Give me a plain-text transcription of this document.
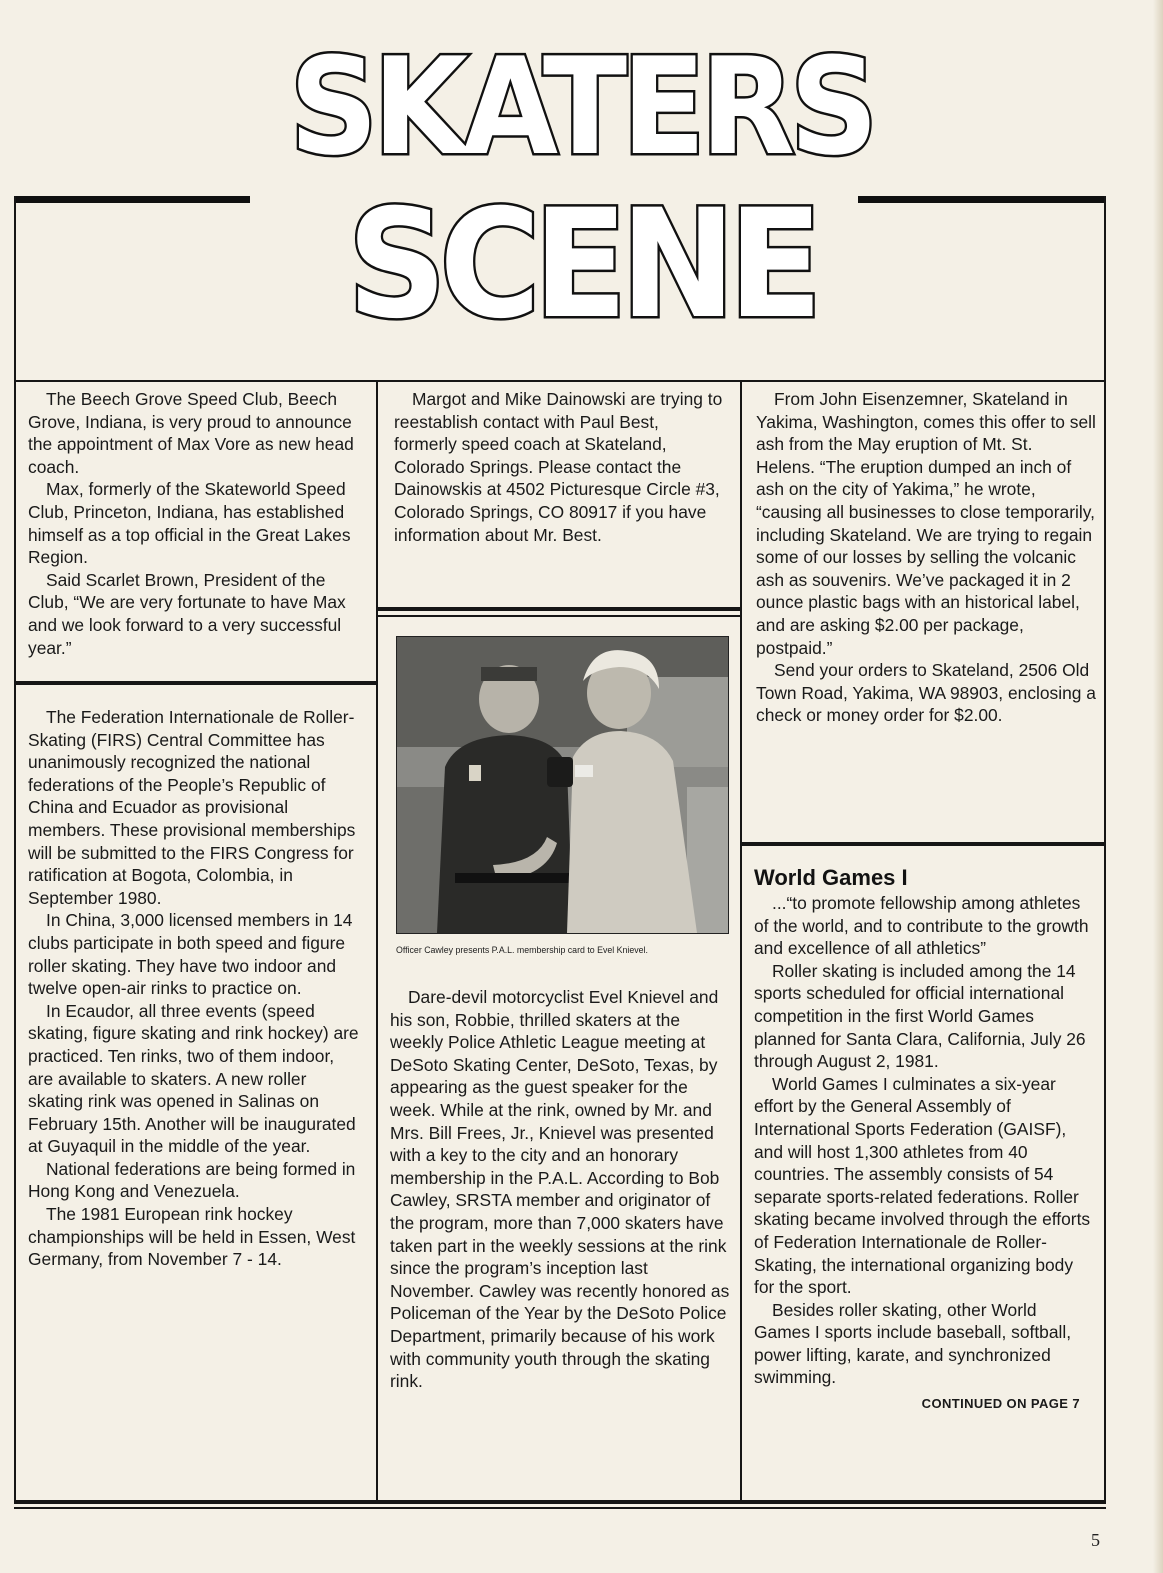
SKATERS
SCENE

The Beech Grove Speed Club, Beech Grove, Indiana, is very proud to announce the appointment of Max Vore as new head coach.

Max, formerly of the Skateworld Speed Club, Princeton, Indiana, has established himself as a top official in the Great Lakes Region.

Said Scarlet Brown, President of the Club, “We are very fortunate to have Max and we look forward to a very successful year.”

The Federation Internationale de Roller-Skating (FIRS) Central Committee has unanimously recognized the national federations of the People’s Republic of China and Ecuador as provisional members. These provisional memberships will be submitted to the FIRS Congress for ratification at Bogota, Colombia, in September 1980.

In China, 3,000 licensed members in 14 clubs participate in both speed and figure roller skating. They have two indoor and twelve open-air rinks to practice on.

In Ecaudor, all three events (speed skating, figure skating and rink hockey) are practiced. Ten rinks, two of them indoor, are available to skaters. A new roller skating rink was opened in Salinas on February 15th. Another will be inaugurated at Guyaquil in the middle of the year.

National federations are being formed in Hong Kong and Venezuela.

The 1981 European rink hockey championships will be held in Essen, West Germany, from November 7 - 14.

Margot and Mike Dainowski are trying to reestablish contact with Paul Best, formerly speed coach at Skateland, Colorado Springs. Please contact the Dainowskis at 4502 Picturesque Circle #3, Colorado Springs, CO 80917 if you have information about Mr. Best.

Officer Cawley presents P.A.L. membership card to Evel Knievel.

Dare-devil motorcyclist Evel Knievel and his son, Robbie, thrilled skaters at the weekly Police Athletic League meeting at DeSoto Skating Center, DeSoto, Texas, by appearing as the guest speaker for the week. While at the rink, owned by Mr. and Mrs. Bill Frees, Jr., Knievel was presented with a key to the city and an honorary membership in the P.A.L. According to Bob Cawley, SRSTA member and originator of the program, more than 7,000 skaters have taken part in the weekly sessions at the rink since the program’s inception last November. Cawley was recently honored as Policeman of the Year by the DeSoto Police Department, primarily because of his work with community youth through the skating rink.

From John Eisenzemner, Skateland in Yakima, Washington, comes this offer to sell ash from the May eruption of Mt. St. Helens. “The eruption dumped an inch of ash on the city of Yakima,” he wrote, “causing all businesses to close temporarily, including Skateland. We are trying to regain some of our losses by selling the volcanic ash as souvenirs. We’ve packaged it in 2 ounce plastic bags with an historical label, and are asking $2.00 per package, postpaid.”

Send your orders to Skateland, 2506 Old Town Road, Yakima, WA 98903, enclosing a check or money order for $2.00.

World Games I

...“to promote fellowship among athletes of the world, and to contribute to the growth and excellence of all athletics”

Roller skating is included among the 14 sports scheduled for official international competition in the first World Games planned for Santa Clara, California, July 26 through August 2, 1981.

World Games I culminates a six-year effort by the General Assembly of International Sports Federation (GAISF), and will host 1,300 athletes from 40 countries. The assembly consists of 54 separate sports-related federations. Roller skating became involved through the efforts of Federation Internationale de Roller-Skating, the international organizing body for the sport.

Besides roller skating, other World Games I sports include baseball, softball, power lifting, karate, and synchronized swimming.

CONTINUED ON PAGE 7
5
